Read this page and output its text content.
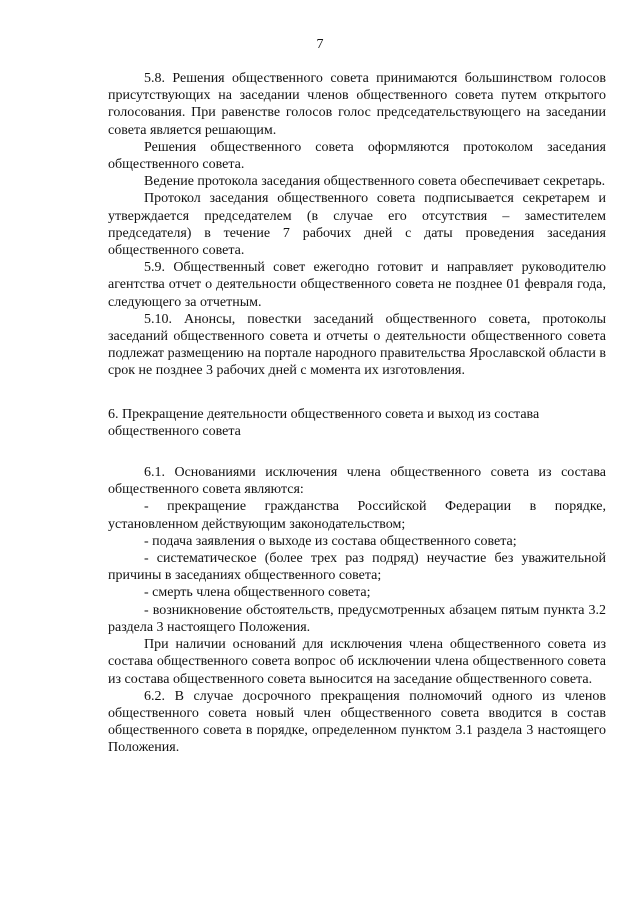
7

5.8. Решения общественного совета принимаются большинством голосов присутствующих на заседании членов общественного совета путем открытого голосования. При равенстве голосов голос председательствующего на заседании совета является решающим.

Решения общественного совета оформляются протоколом заседания общественного совета.

Ведение протокола заседания общественного совета обеспечивает секретарь.

Протокол заседания общественного совета подписывается секретарем и утверждается председателем (в случае его отсутствия – заместителем председателя) в течение 7 рабочих дней с даты проведения заседания общественного совета.

5.9. Общественный совет ежегодно готовит и направляет руководителю агентства отчет о деятельности общественного совета не позднее 01 февраля года, следующего за отчетным.

5.10. Анонсы, повестки заседаний общественного совета, протоколы заседаний общественного совета и отчеты о деятельности общественного совета подлежат размещению на портале народного правительства Ярославской области в срок не позднее 3 рабочих дней с момента их изготовления.

6. Прекращение деятельности общественного совета и выход из состава
общественного совета

6.1. Основаниями исключения члена общественного совета из состава общественного совета являются:

- прекращение гражданства Российской Федерации в порядке, установленном действующим законодательством;

- подача заявления о выходе из состава общественного совета;

- систематическое (более трех раз подряд) неучастие без уважительной причины в заседаниях общественного совета;

- смерть члена общественного совета;

- возникновение обстоятельств, предусмотренных абзацем пятым пункта 3.2 раздела 3 настоящего Положения.

При наличии оснований для исключения члена общественного совета из состава общественного совета вопрос об исключении члена общественного совета из состава общественного совета выносится на заседание общественного совета.

6.2. В случае досрочного прекращения полномочий одного из членов общественного совета новый член общественного совета вводится в состав общественного совета в порядке, определенном пунктом 3.1 раздела 3 настоящего Положения.
